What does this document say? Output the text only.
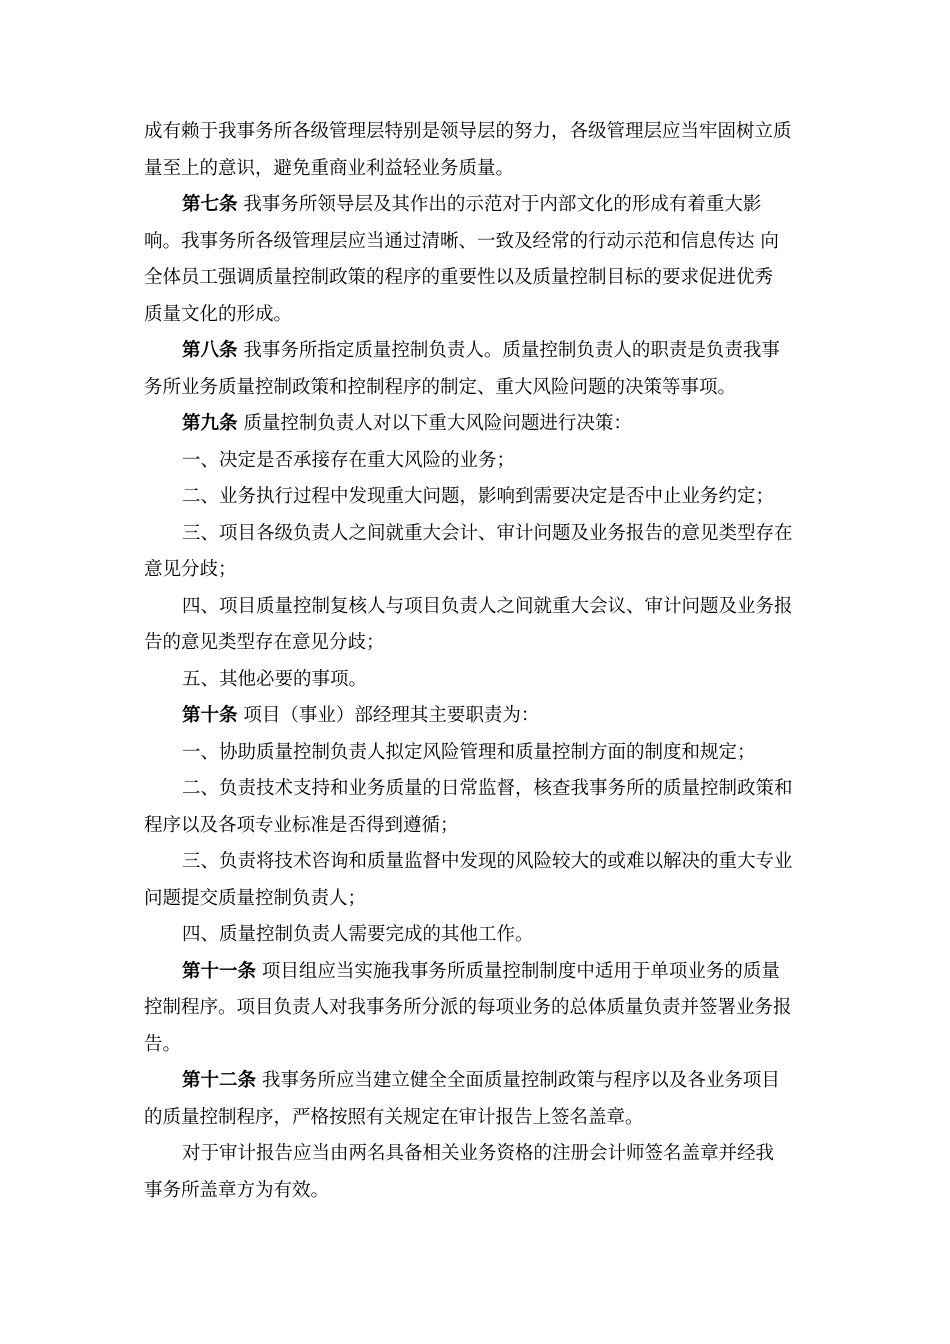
成有赖于我事务所各级管理层特别是领导层的努力，各级管理层应当牢固树立质
量至上的意识，避免重商业利益轻业务质量。
第七条 我事务所领导层及其作出的示范对于内部文化的形成有着重大影
响。我事务所各级管理层应当通过清晰、一致及经常的行动示范和信息传达 向
全体员工强调质量控制政策的程序的重要性以及质量控制目标的要求促进优秀
质量文化的形成。
第八条 我事务所指定质量控制负责人。质量控制负责人的职责是负责我事
务所业务质量控制政策和控制程序的制定、重大风险问题的决策等事项。
第九条 质量控制负责人对以下重大风险问题进行决策：
一、决定是否承接存在重大风险的业务；
二、业务执行过程中发现重大问题，影响到需要决定是否中止业务约定；
三、项目各级负责人之间就重大会计、审计问题及业务报告的意见类型存在
意见分歧；
四、项目质量控制复核人与项目负责人之间就重大会议、审计问题及业务报
告的意见类型存在意见分歧；
五、其他必要的事项。
第十条 项目（事业）部经理其主要职责为：
一、协助质量控制负责人拟定风险管理和质量控制方面的制度和规定；
二、负责技术支持和业务质量的日常监督，核查我事务所的质量控制政策和
程序以及各项专业标准是否得到遵循；
三、负责将技术咨询和质量监督中发现的风险较大的或难以解决的重大专业
问题提交质量控制负责人；
四、质量控制负责人需要完成的其他工作。
第十一条 项目组应当实施我事务所质量控制制度中适用于单项业务的质量
控制程序。项目负责人对我事务所分派的每项业务的总体质量负责并签署业务报
告。
第十二条 我事务所应当建立健全全面质量控制政策与程序以及各业务项目
的质量控制程序，严格按照有关规定在审计报告上签名盖章。
对于审计报告应当由两名具备相关业务资格的注册会计师签名盖章并经我
事务所盖章方为有效。
